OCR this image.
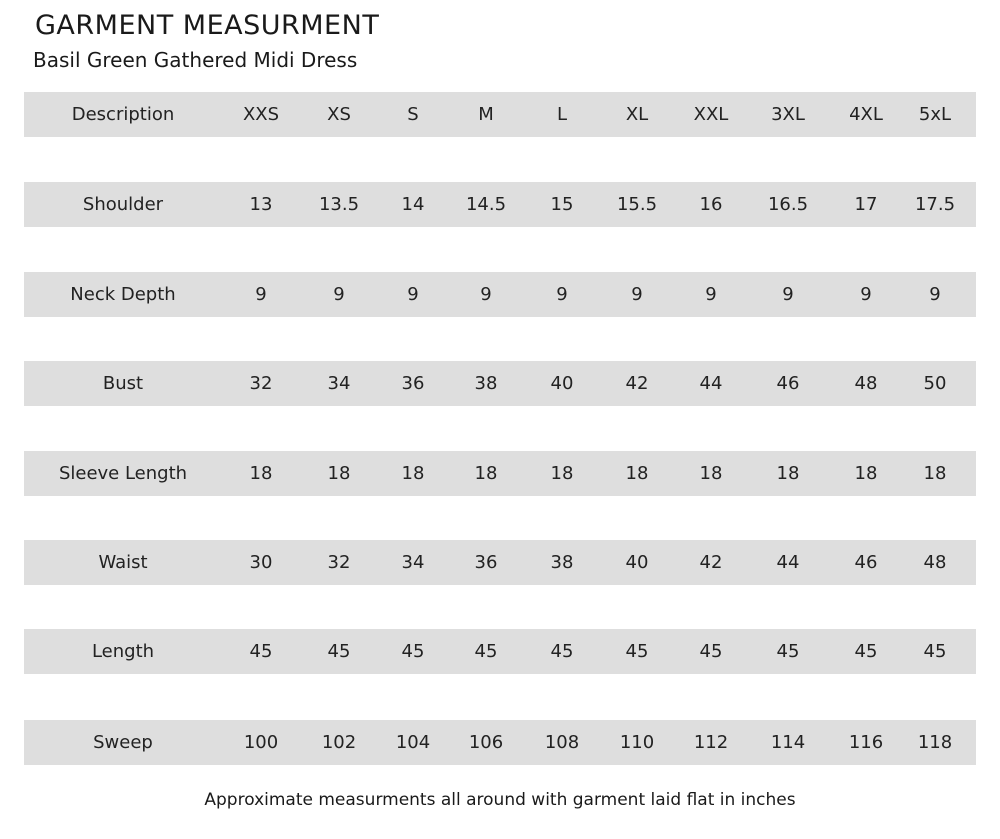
GARMENT MEASURMENT
Basil Green Gathered Midi Dress
Description	XXS	XS	S	M	L	XL	XXL	3XL	4XL	5xL
Shoulder	13	13.5	14	14.5	15	15.5	16	16.5	17	17.5
Neck Depth	9	9	9	9	9	9	9	9	9	9
Bust	32	34	36	38	40	42	44	46	48	50
Sleeve Length	18	18	18	18	18	18	18	18	18	18
Waist	30	32	34	36	38	40	42	44	46	48
Length	45	45	45	45	45	45	45	45	45	45
Sweep	100	102	104	106	108	110	112	114	116	118
Approximate measurments all around with garment laid flat in inches
